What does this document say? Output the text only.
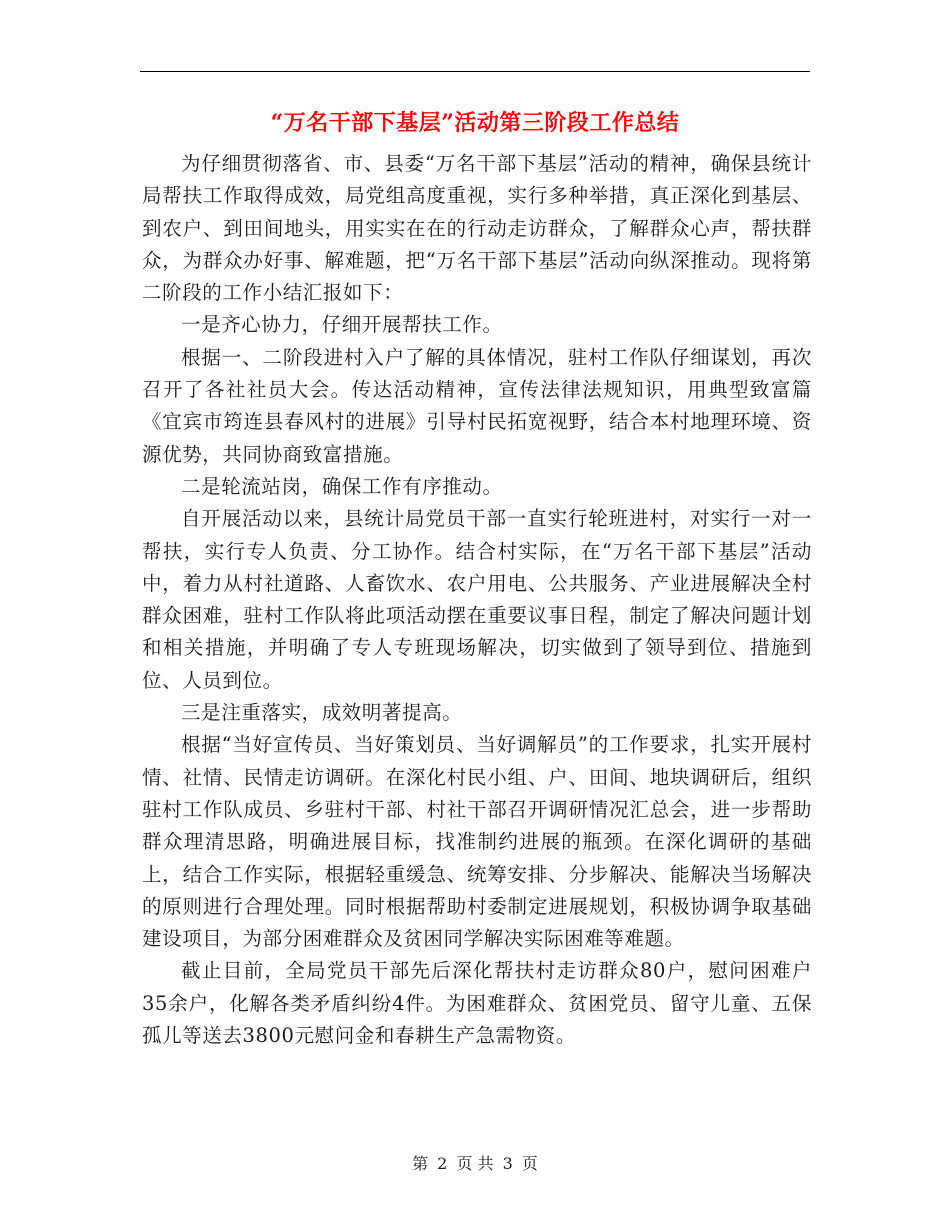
“万名干部下基层”活动第三阶段工作总结

为仔细贯彻落省、市、县委“万名干部下基层”活动的精神，确保县统计局帮扶工作取得成效，局党组高度重视，实行多种举措，真正深化到基层、到农户、到田间地头，用实实在在的行动走访群众，了解群众心声，帮扶群众，为群众办好事、解难题，把“万名干部下基层”活动向纵深推动。现将第二阶段的工作小结汇报如下：

一是齐心协力，仔细开展帮扶工作。

根据一、二阶段进村入户了解的具体情况，驻村工作队仔细谋划，再次召开了各社社员大会。传达活动精神，宣传法律法规知识，用典型致富篇《宜宾市筠连县春风村的进展》引导村民拓宽视野，结合本村地理环境、资源优势，共同协商致富措施。

二是轮流站岗，确保工作有序推动。

自开展活动以来，县统计局党员干部一直实行轮班进村，对实行一对一帮扶，实行专人负责、分工协作。结合村实际，在“万名干部下基层”活动中，着力从村社道路、人畜饮水、农户用电、公共服务、产业进展解决全村群众困难，驻村工作队将此项活动摆在重要议事日程，制定了解决问题计划和相关措施，并明确了专人专班现场解决，切实做到了领导到位、措施到位、人员到位。

三是注重落实，成效明著提高。

根据“当好宣传员、当好策划员、当好调解员”的工作要求，扎实开展村情、社情、民情走访调研。在深化村民小组、户、田间、地块调研后，组织驻村工作队成员、乡驻村干部、村社干部召开调研情况汇总会，进一步帮助群众理清思路，明确进展目标，找准制约进展的瓶颈。在深化调研的基础上，结合工作实际，根据轻重缓急、统筹安排、分步解决、能解决当场解决的原则进行合理处理。同时根据帮助村委制定进展规划，积极协调争取基础建设项目，为部分困难群众及贫困同学解决实际困难等难题。

截止目前，全局党员干部先后深化帮扶村走访群众80户，慰问困难户35余户，化解各类矛盾纠纷4件。为困难群众、贫困党员、留守儿童、五保孤儿等送去3800元慰问金和春耕生产急需物资。

第 2 页 共 3 页
